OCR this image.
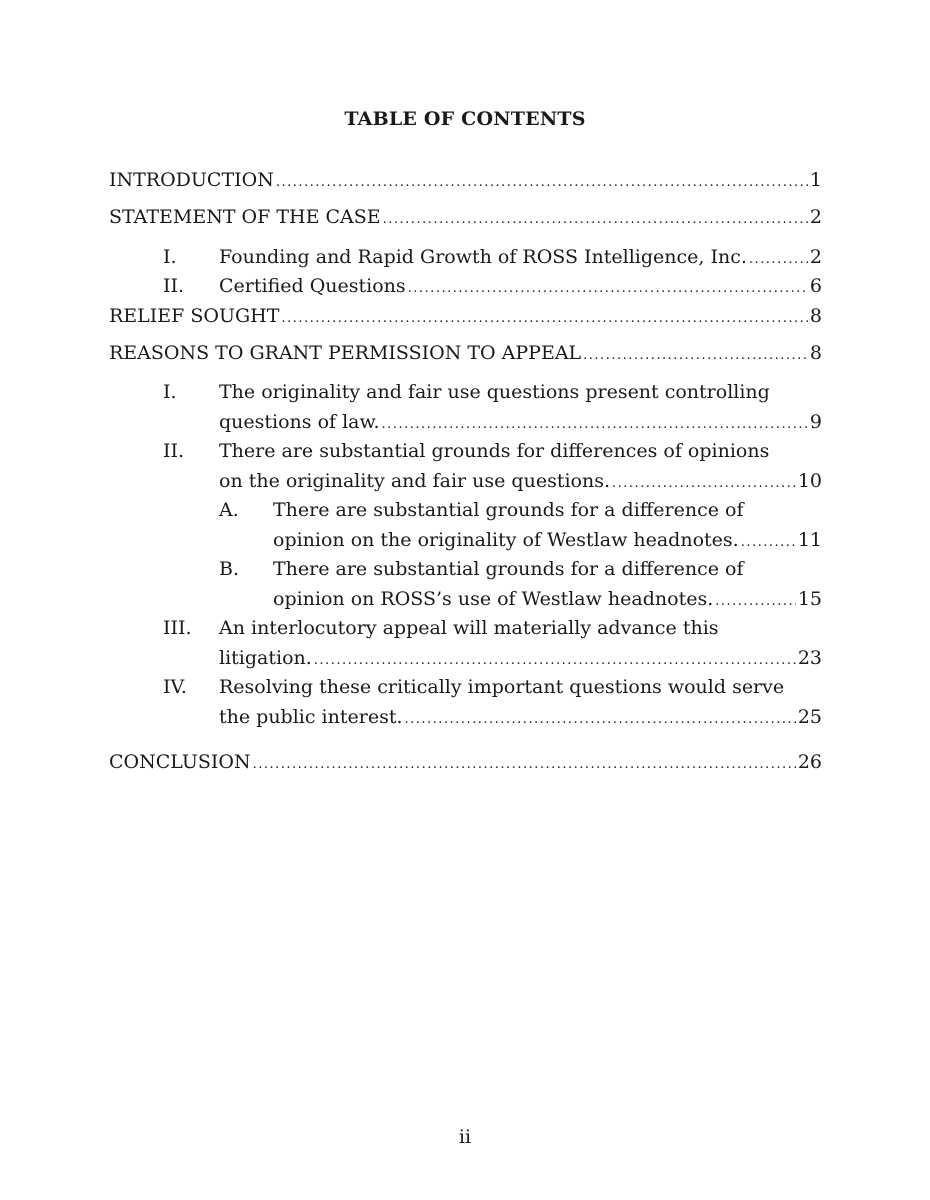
TABLE OF CONTENTS
INTRODUCTION .....	1
STATEMENT OF THE CASE .....	2
I. Founding and Rapid Growth of ROSS Intelligence, Inc. .....	2
II. Certified Questions .....	6
RELIEF SOUGHT .....	8
REASONS TO GRANT PERMISSION TO APPEAL .....	8
I. The originality and fair use questions present controlling
questions of law. .....	9
II. There are substantial grounds for differences of opinions
on the originality and fair use questions. .....	10
A. There are substantial grounds for a difference of
opinion on the originality of Westlaw headnotes. .....	11
B. There are substantial grounds for a difference of
opinion on ROSS’s use of Westlaw headnotes. .....	15
III. An interlocutory appeal will materially advance this
litigation. .....	23
IV. Resolving these critically important questions would serve
the public interest. .....	25
CONCLUSION .....	26
ii
